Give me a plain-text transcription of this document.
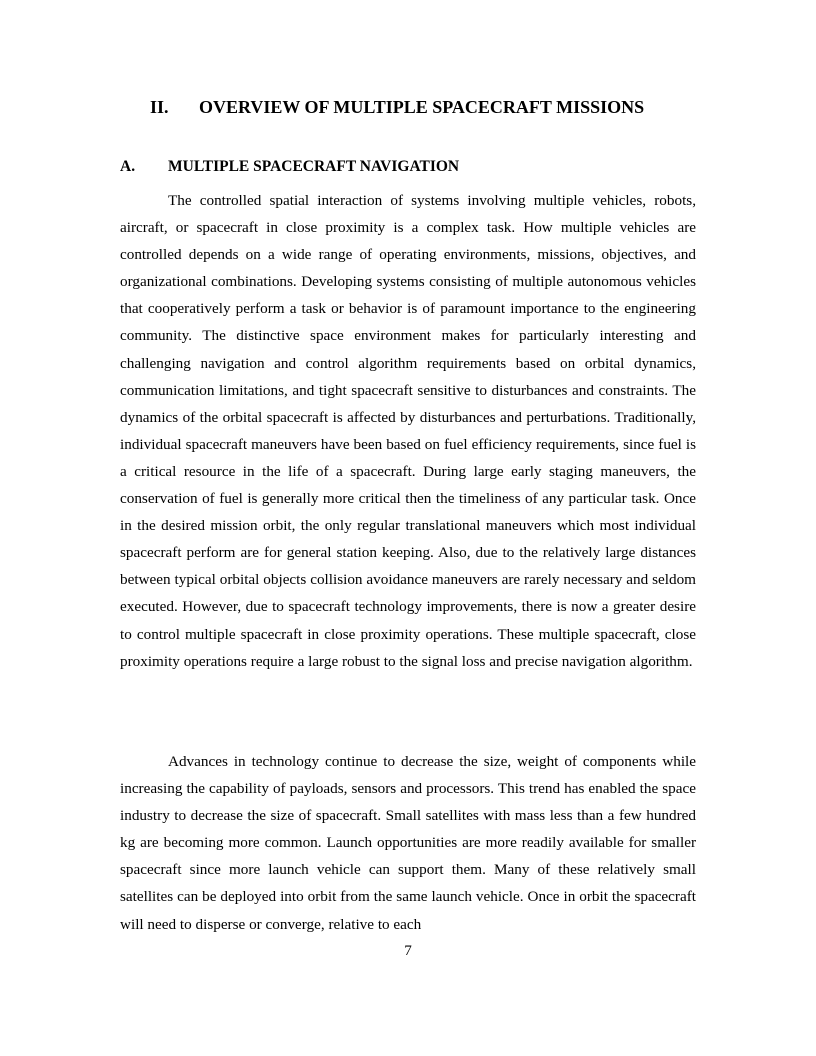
II. OVERVIEW OF MULTIPLE SPACECRAFT MISSIONS
A. MULTIPLE SPACECRAFT NAVIGATION

The controlled spatial interaction of systems involving multiple vehicles, robots, aircraft, or spacecraft in close proximity is a complex task. How multiple vehicles are controlled depends on a wide range of operating environments, missions, objectives, and organizational combinations. Developing systems consisting of multiple autonomous vehicles that cooperatively perform a task or behavior is of paramount importance to the engineering community. The distinctive space environment makes for particularly interesting and challenging navigation and control algorithm requirements based on orbital dynamics, communication limitations, and tight spacecraft sensitive to disturbances and constraints. The dynamics of the orbital spacecraft is affected by disturbances and perturbations. Traditionally, individual spacecraft maneuvers have been based on fuel efficiency requirements, since fuel is a critical resource in the life of a spacecraft. During large early staging maneuvers, the conservation of fuel is generally more critical then the timeliness of any particular task. Once in the desired mission orbit, the only regular translational maneuvers which most individual spacecraft perform are for general station keeping. Also, due to the relatively large distances between typical orbital objects collision avoidance maneuvers are rarely necessary and seldom executed. However, due to spacecraft technology improvements, there is now a greater desire to control multiple spacecraft in close proximity operations. These multiple spacecraft, close proximity operations require a large robust to the signal loss and precise navigation algorithm.

Advances in technology continue to decrease the size, weight of components while increasing the capability of payloads, sensors and processors. This trend has enabled the space industry to decrease the size of spacecraft. Small satellites with mass less than a few hundred kg are becoming more common. Launch opportunities are more readily available for smaller spacecraft since more launch vehicle can support them. Many of these relatively small satellites can be deployed into orbit from the same launch vehicle. Once in orbit the spacecraft will need to disperse or converge, relative to each

7
